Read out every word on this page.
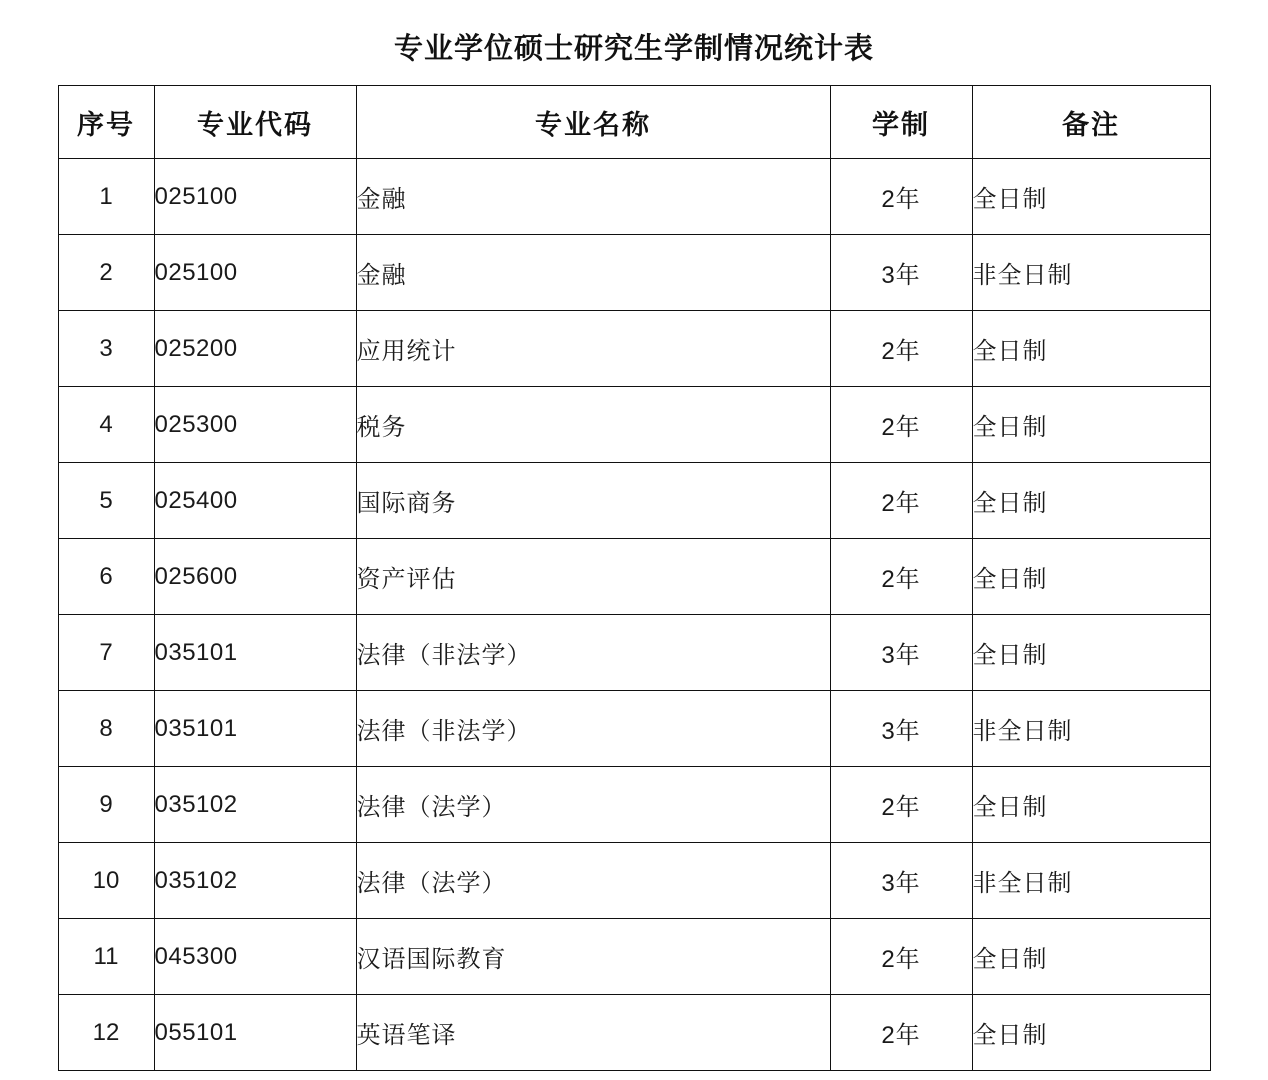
专业学位硕士研究生学制情况统计表
序号	专业代码	专业名称	学制	备注
1	025100	金融	2年	全日制
2	025100	金融	3年	非全日制
3	025200	应用统计	2年	全日制
4	025300	税务	2年	全日制
5	025400	国际商务	2年	全日制
6	025600	资产评估	2年	全日制
7	035101	法律（非法学）	3年	全日制
8	035101	法律（非法学）	3年	非全日制
9	035102	法律（法学）	2年	全日制
10	035102	法律（法学）	3年	非全日制
11	045300	汉语国际教育	2年	全日制
12	055101	英语笔译	2年	全日制
